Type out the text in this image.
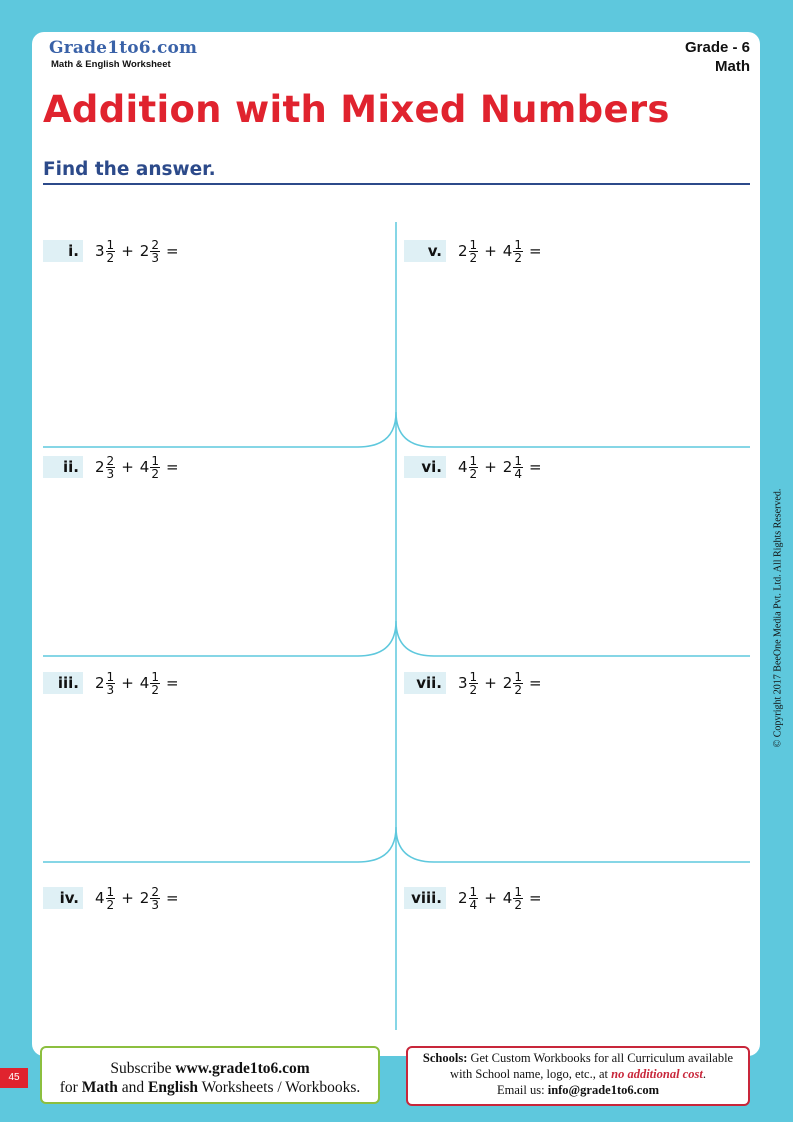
Grade1to6.com
Math & English Worksheet
Grade - 6
Math
Addition with Mixed Numbers
Find the answer.
i. $3 \frac{1}{2} + 2 \frac{2}{3}$ =
ii. $2 \frac{2}{3} + 4 \frac{1}{2}$ =
iii. $2 \frac{1}{3} + 4 \frac{1}{2}$ =
iv. $4 \frac{1}{2} + 2 \frac{2}{3}$ =
v. $2 \frac{1}{2} + 4 \frac{1}{2}$ =
vi. $4 \frac{1}{2} + 2 \frac{1}{4}$ =
vii. $3 \frac{1}{2} + 2 \frac{1}{2}$ =
viii. $2 \frac{1}{4} + 4 \frac{1}{2}$ =
© Copyright 2017 BeeOne Media Pvt. Ltd. All Rights Reserved.
45
Subscribe www.grade1to6.com
for Math and English Worksheets / Workbooks.
Schools: Get Custom Workbooks for all Curriculum available
with School name, logo, etc., at no additional cost.
Email us: info@grade1to6.com
